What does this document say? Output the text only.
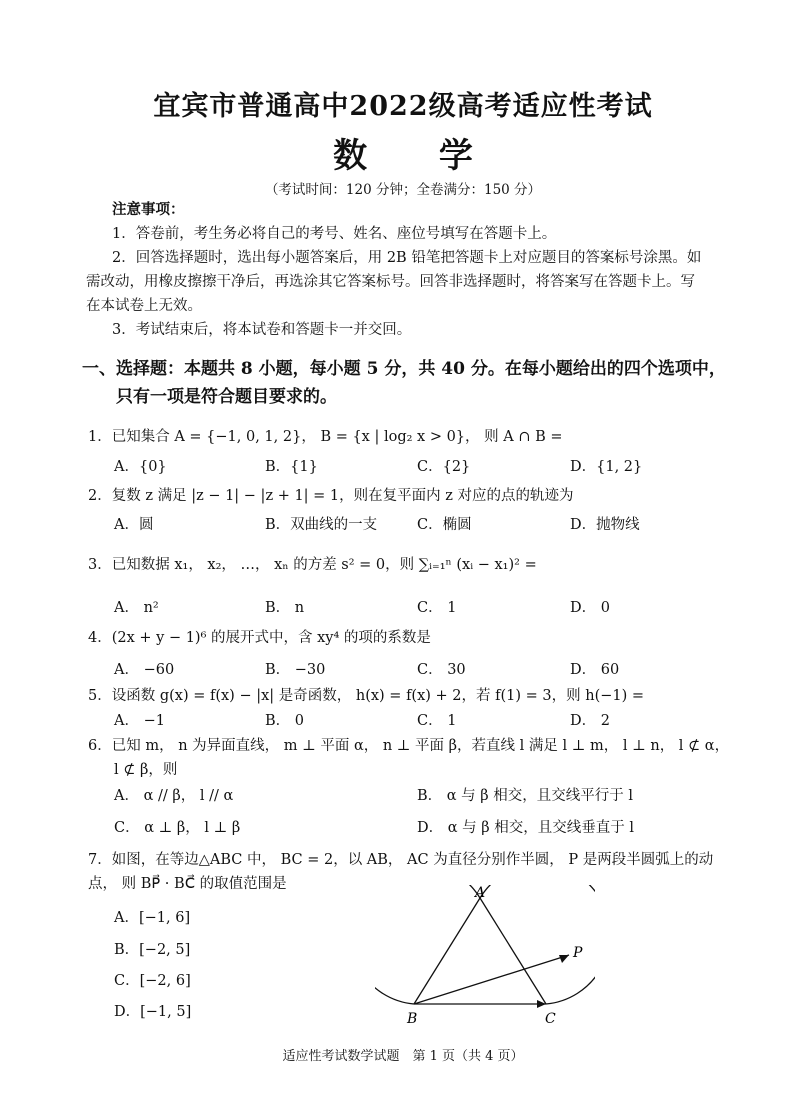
宜宾市普通高中2022级高考适应性考试
数 学
（考试时间：120 分钟；全卷满分：150 分）
注意事项：
1．答卷前，考生务必将自己的考号、姓名、座位号填写在答题卡上。
2．回答选择题时，选出每小题答案后，用 2B 铅笔把答题卡上对应题目的答案标号涂黑。如
需改动，用橡皮擦擦干净后，再选涂其它答案标号。回答非选择题时，将答案写在答题卡上。写
在本试卷上无效。
3．考试结束后，将本试卷和答题卡一并交回。
一、选择题：本题共 8 小题，每小题 5 分，共 40 分。在每小题给出的四个选项中，
只有一项是符合题目要求的。
1．已知集合 A = {−1, 0, 1, 2}， B = {x | log₂ x > 0}， 则 A ∩ B =
A．{0}	B．{1}	C．{2}	D．{1, 2}
2．复数 z 满足 |z − 1| − |z + 1| = 1，则在复平面内 z 对应的点的轨迹为
A．圆	B．双曲线的一支	C．椭圆	D．抛物线
3．已知数据 x₁， x₂， …， xₙ 的方差 s² = 0，则 ∑ᵢ₌₁ⁿ (xᵢ − x₁)² =
A． n²	B． n	C． 1	D． 0
4．(2x + y − 1)⁶ 的展开式中，含 xy⁴ 的项的系数是
A． −60	B． −30	C． 30	D． 60
5．设函数 g(x) = f(x) − |x| 是奇函数， h(x) = f(x) + 2，若 f(1) = 3，则 h(−1) =
A． −1	B． 0	C． 1	D． 2
6．已知 m， n 为异面直线， m ⊥ 平面 α， n ⊥ 平面 β，若直线 l 满足 l ⊥ m， l ⊥ n， l ⊄ α，
l ⊄ β，则
A． α // β， l // α	B． α 与 β 相交，且交线平行于 l
C． α ⊥ β， l ⊥ β	D． α 与 β 相交，且交线垂直于 l
7．如图，在等边△ABC 中， BC = 2，以 AB， AC 为直径分别作半圆， P 是两段半圆弧上的动
点， 则 BP⃗ · BC⃗ 的取值范围是
A．[−1, 6]
B．[−2, 5]
C．[−2, 6]
D．[−1, 5]
A
B	C
P
适应性考试数学试题　第 1 页（共 4 页）
